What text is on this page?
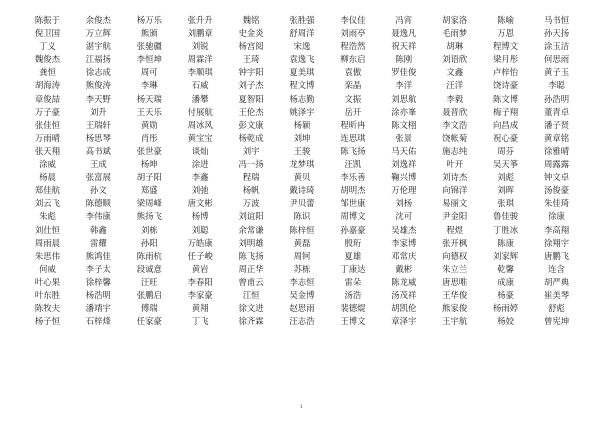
陈振于	余俊杰	杨万乐	张升升	魏铭	张胜强	李仪佳	冯宵	胡家洛	陈喻	马书恒
倪卫国	万立辉	熊颁	刘鹏章	史金炎	舒周洋	刘雨亭	聂逸凡	毛雨梦	万恩	孙天扬
丁义	湛宇航	张驰疆	刘锐	杨宫阅	宋逸	程浩然	祝天祥	胡琳	程博文	涂玉洁
魏俊杰	江福扬	李恒坤	周霖洋	王琦	袁逸飞	柳东启	陈刚	刘语欣	梁月彤	何思雨
龚恒	徐志成	周可	李顺琪	钟宇阳	夏美琪	袁傲	罗佳俊	文鑫	卢梓怡	黄子玉
胡海涛	熊俊涛	李琳	石威	刘子杰	程文博	栾晶	李洋	汪洋	饶诗豪	李聪
章俊喆	李天野	杨天瑞	潘攀	夏智阳	杨志勤	文振	刘思航	李毅	陈文博	孙浩明
万子豪	刘升	王天乐	付展航	王伦杰	姚泽宇	岳开	涂亦峯	聂晋欣	梅子翔	董青卓
张佳恒	王瑞轩	黄勋	周冰风	彭文康	杨颖	程昕冉	陈文栩	李文浩	向昌成	潘子贤
万雨晴	杨思琴	肖彤	黄宝宝	杨乾成	刘坤	连思琪	张景	饶帐菊	祝心豪	黄章铭
张天翔	高书斌	张世豪	谈灿	刘宇	王骏	陈飞扬	马天佑	施志纯	周芬	徐雅晴
涂威	王成	杨坤	涂进	冯一扬	龙梦琪	汪凯	刘逸祥	叶开	吴天箏	周露露
杨晨	张富展	胡子阳	李鑫	程瑞	黄贝	李乐善	鞠兴博	刘诗杰	刘彪	钟文卓
郑佳航	孙文	郑盛	刘弛	杨帆	戴诗琦	胡明杰	万伦理	向锦洋	刘晖	汤俊豪
刘云飞	陈德顺	梁周峰	唐文彬	万波	尹贝蕾	邹世康	刘杨	易丽文	张琪	朱佳琦
朱彪	李伟康	熊扬飞	杨博	刘谊阳	陈识	周博文	沈可	尹金阳	鲁佳骏	徐康
刘仕恒	韩鑫	刘栋	刘聪	余常谦	陈梓恒	孙嘉豪	吴雄杰	程煜	丁胜冰	李高翔
周雨晨	雷耀	孙阳	万皓康	刘明雄	黄磊	殷珩	李家博	张开枫	陈康	徐翔宇
朱思伟	熊鸿佳	陈雨杭	任子峻	陈飞扬	周钶	夏雄	邓常庆	向德权	刘家辉	唐鹏飞
何威	李子太	段诚意	黄岩	周正华	苏栋	丁康达	戴彬	朱立兰	乾馨	连含
叶心果	徐梓馨	汪旺	李春阳	曾甫云	李志恒	雷朵	陈龙威	唐思唯	成康	胡严典
叶东胜	杨浩明	张鹏启	李家豪	江恒	吴金博	汤浩	汤茂祥	王华俊	杨豪	崔美琴
陈牧夫	潘靖宇	傅瑞	黄翔	徐文进	赵思雨	裴德焜	胡凯伦	熊家俊	杨雨婷	舒彪
杨子恒	石梓烽	任家豪	丁飞	徐齐霖	汪志浩	王博文	章泽宇	王宇航	杨姣	曾宪坤
1
